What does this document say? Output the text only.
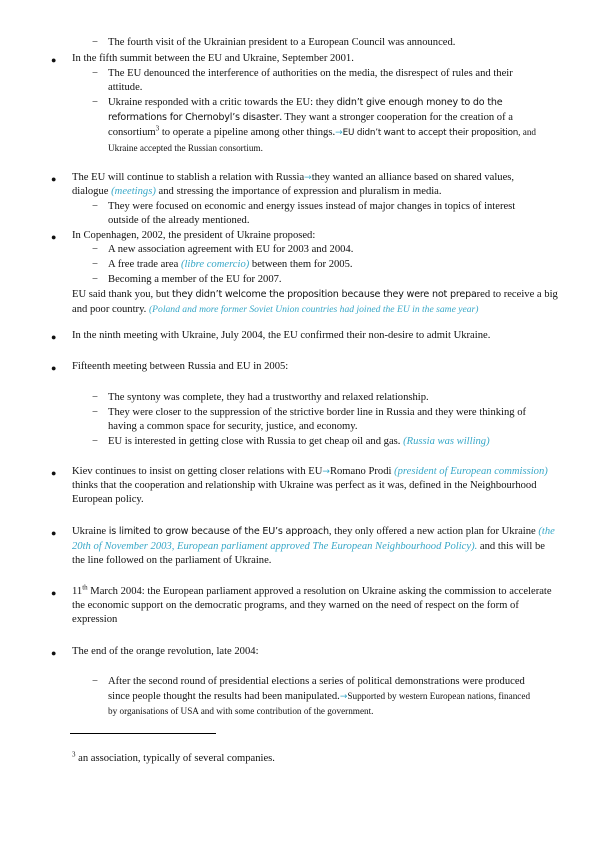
− The fourth visit of the Ukrainian president to a European Council was announced.

● In the fifth summit between the EU and Ukraine, September 2001.

− The EU denounced the interference of authorities on the media, the disrespect of rules and their attitude.

− Ukraine responded with a critic towards the EU: they didn’t give enough money to do the reformations for Chernobyl’s disaster. They want a stronger cooperation for the creation of a consortium$^3$ to operate a pipeline among other things.→EU didn’t want to accept their proposition, and Ukraine accepted the Russian consortium.

● The EU will continue to stablish a relation with Russia→they wanted an alliance based on shared values, dialogue (meetings) and stressing the importance of expression and pluralism in media.

− They were focused on economic and energy issues instead of major changes in topics of interest outside of the already mentioned.

● In Copenhagen, 2002, the president of Ukraine proposed:

− A new association agreement with EU for 2003 and 2004.

− A free trade area (libre comercio) between them for 2005.

− Becoming a member of the EU for 2007.

EU said thank you, but they didn’t welcome the proposition because they were not prepared to receive a big and poor country. (Poland and more former Soviet Union countries had joined the EU in the same year)

● In the ninth meeting with Ukraine, July 2004, the EU confirmed their non-desire to admit Ukraine.

● Fifteenth meeting between Russia and EU in 2005:

− The syntony was complete, they had a trustworthy and relaxed relationship.

− They were closer to the suppression of the strictive border line in Russia and they were thinking of having a common space for security, justice, and economy.

− EU is interested in getting close with Russia to get cheap oil and gas. (Russia was willing)

● Kiev continues to insist on getting closer relations with EU→Romano Prodi (president of European commission) thinks that the cooperation and relationship with Ukraine was perfect as it was, defined in the Neighbourhood European policy.

● Ukraine is limited to grow because of the EU’s approach, they only offered a new action plan for Ukraine (the 20th of November 2003, European parliament approved The European Neighbourhood Policy). and this will be the line followed on the parliament of Ukraine.

● 11th March 2004: the European parliament approved a resolution on Ukraine asking the commission to accelerate the economic support on the democratic programs, and they warned on the need of respect on the form of expression

● The end of the orange revolution, late 2004:

− After the second round of presidential elections a series of political demonstrations were produced since people thought the results had been manipulated.→Supported by western European nations, financed by organisations of USA and with some contribution of the government.

$^3$ an association, typically of several companies.
